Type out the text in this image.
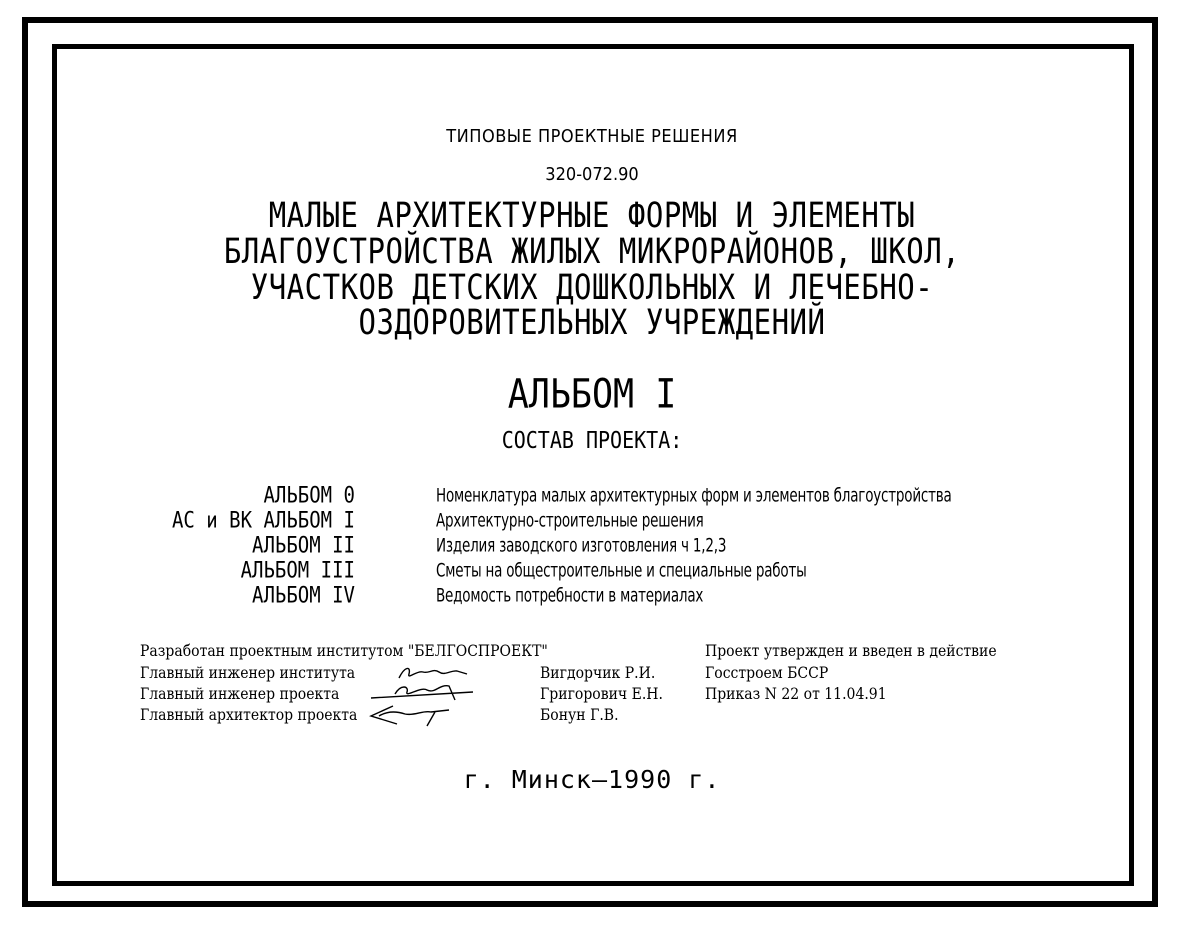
ТИПОВЫЕ ПРОЕКТНЫЕ РЕШЕНИЯ
320-072.90
МАЛЫЕ АРХИТЕКТУРНЫЕ ФОРМЫ И ЭЛЕМЕНТЫ
БЛАГОУСТРОЙСТВА ЖИЛЫХ МИКРОРАЙОНОВ, ШКОЛ,
УЧАСТКОВ ДЕТСКИХ ДОШКОЛЬНЫХ И ЛЕЧЕБНО-
ОЗДОРОВИТЕЛЬНЫХ УЧРЕЖДЕНИЙ
АЛЬБОМ I
СОСТАВ ПРОЕКТА:
АЛЬБОМ 0	Номенклатура малых архитектурных форм и элементов благоустройства
АС и ВК АЛЬБОМ I	Архитектурно-строительные решения
АЛЬБОМ II	Изделия заводского изготовления ч 1,2,3
АЛЬБОМ III	Сметы на общестроительные и специальные работы
АЛЬБОМ IV	Ведомость потребности в материалах
Разработан проектным институтом "БЕЛГОСПРОЕКТ"
Главный инженер института	Вигдорчик Р.И.
Главный инженер проекта	Григорович Е.Н.
Главный архитектор проекта	Бонун Г.В.
Проект утвержден и введен в действие
Госстроем БССР
Приказ N 22 от 11.04.91
г. Минск—1990 г.
